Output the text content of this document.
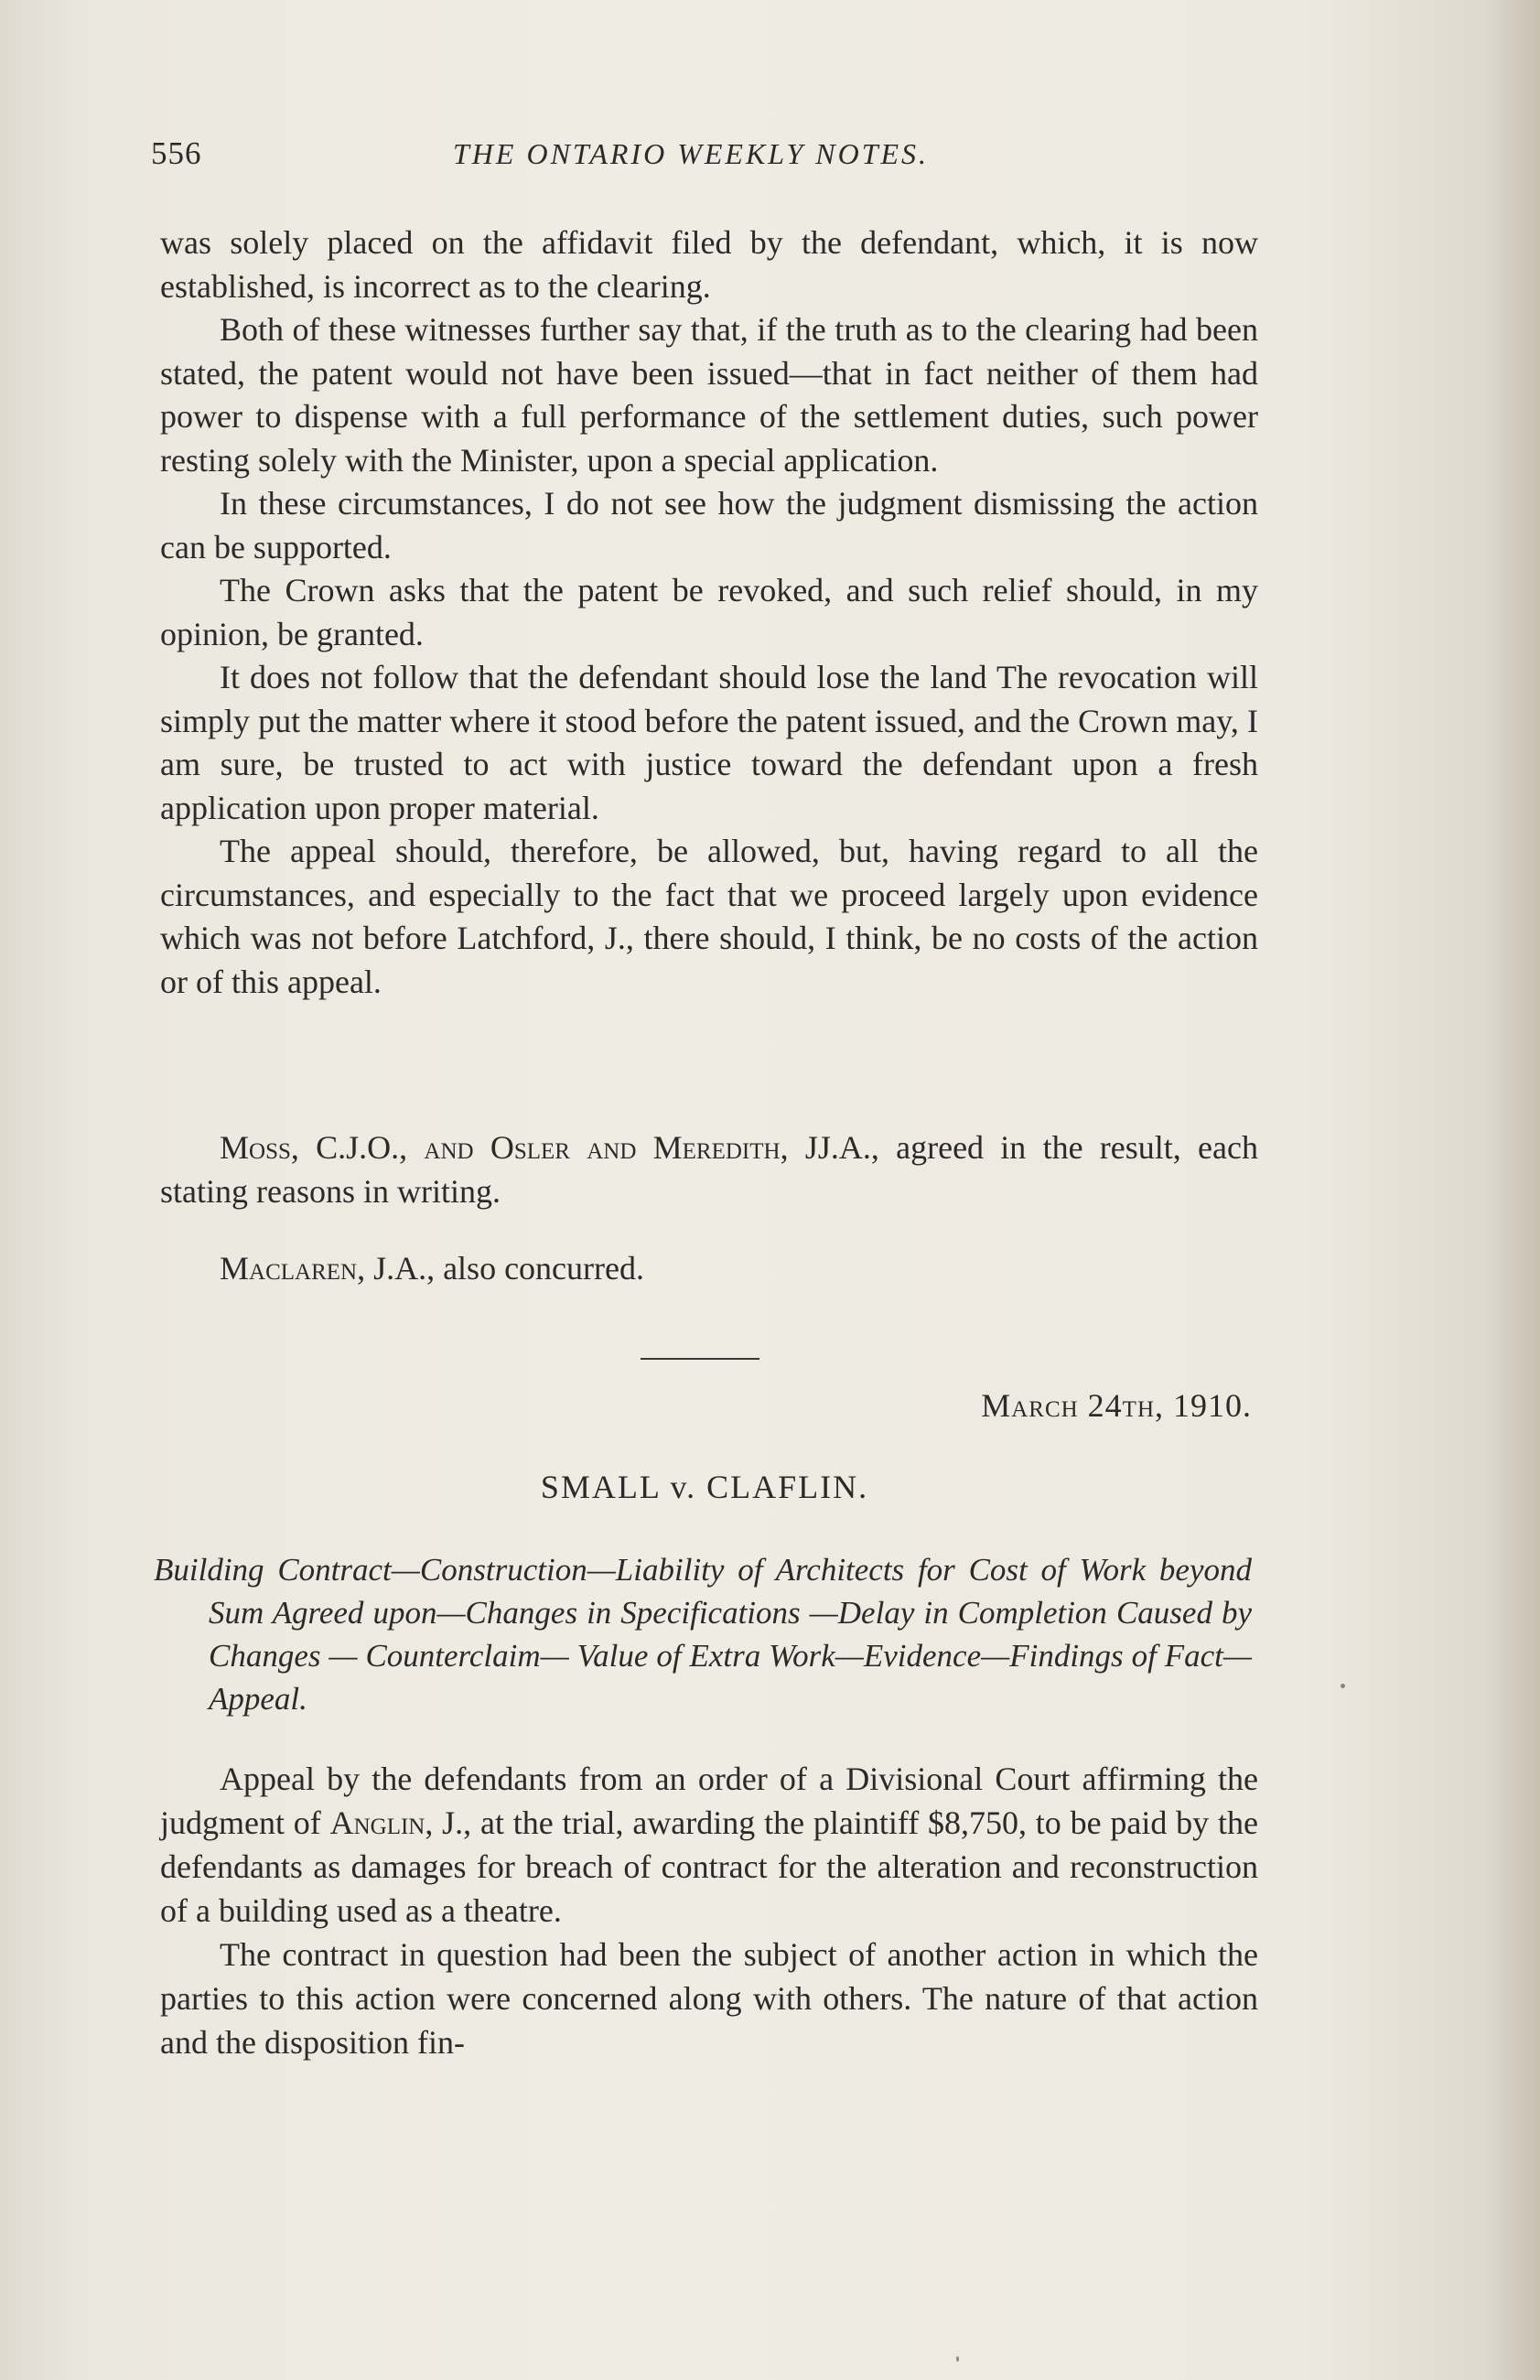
556	THE ONTARIO WEEKLY NOTES.

was solely placed on the affidavit filed by the defendant, which, it is now established, is incorrect as to the clearing.

Both of these witnesses further say that, if the truth as to the clearing had been stated, the patent would not have been issued—that in fact neither of them had power to dispense with a full performance of the settlement duties, such power resting solely with the Minister, upon a special application.

In these circumstances, I do not see how the judgment dismissing the action can be supported.

The Crown asks that the patent be revoked, and such relief should, in my opinion, be granted.

It does not follow that the defendant should lose the land The revocation will simply put the matter where it stood before the patent issued, and the Crown may, I am sure, be trusted to act with justice toward the defendant upon a fresh application upon proper material.

The appeal should, therefore, be allowed, but, having regard to all the circumstances, and especially to the fact that we proceed largely upon evidence which was not before Latchford, J., there should, I think, be no costs of the action or of this appeal.

Moss, C.J.O., and Osler and Meredith, JJ.A., agreed in the result, each stating reasons in writing.

Maclaren, J.A., also concurred.

March 24th, 1910.
SMALL v. CLAFLIN.

Building Contract—Construction—Liability of Architects for Cost of Work beyond Sum Agreed upon—Changes in Specifications —Delay in Completion Caused by Changes — Counterclaim— Value of Extra Work—Evidence—Findings of Fact—Appeal.

Appeal by the defendants from an order of a Divisional Court affirming the judgment of Anglin, J., at the trial, awarding the plaintiff $8,750, to be paid by the defendants as damages for breach of contract for the alteration and reconstruction of a building used as a theatre.

The contract in question had been the subject of another action in which the parties to this action were concerned along with others. The nature of that action and the disposition fin-
